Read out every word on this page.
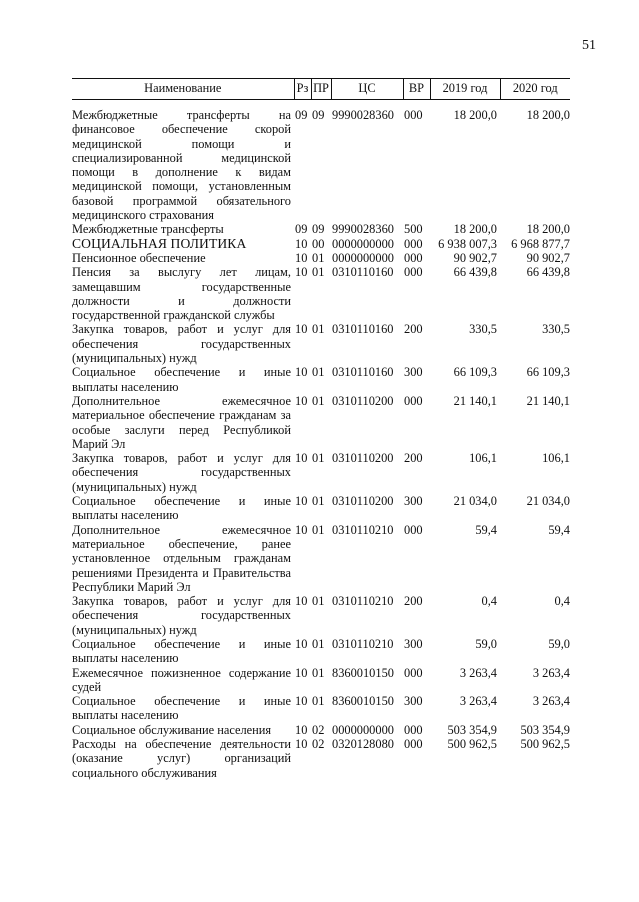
51
Наименование	Рз	ПР	ЦС	ВР	2019 год	2020 год
Межбюджетные трансферты на финансовое обеспечение скорой медицинской помощи и специализированной медицинской помощи в дополнение к видам медицинской помощи, установленным базовой программой обязательного медицинского страхования	09	09	9990028360	000	18 200,0	18 200,0
Межбюджетные трансферты	09	09	9990028360	500	18 200,0	18 200,0
СОЦИАЛЬНАЯ ПОЛИТИКА	10	00	0000000000	000	6 938 007,3	6 968 877,7
Пенсионное обеспечение	10	01	0000000000	000	90 902,7	90 902,7
Пенсия за выслугу лет лицам, замещавшим государственные должности и должности государственной гражданской службы	10	01	0310110160	000	66 439,8	66 439,8
Закупка товаров, работ и услуг для обеспечения государственных (муниципальных) нужд	10	01	0310110160	200	330,5	330,5
Социальное обеспечение и иные выплаты населению	10	01	0310110160	300	66 109,3	66 109,3
Дополнительное ежемесячное материальное обеспечение гражданам за особые заслуги перед Республикой Марий Эл	10	01	0310110200	000	21 140,1	21 140,1
Закупка товаров, работ и услуг для обеспечения государственных (муниципальных) нужд	10	01	0310110200	200	106,1	106,1
Социальное обеспечение и иные выплаты населению	10	01	0310110200	300	21 034,0	21 034,0
Дополнительное ежемесячное материальное обеспечение, ранее установленное отдельным гражданам решениями Президента и Правительства Республики Марий Эл	10	01	0310110210	000	59,4	59,4
Закупка товаров, работ и услуг для обеспечения государственных (муниципальных) нужд	10	01	0310110210	200	0,4	0,4
Социальное обеспечение и иные выплаты населению	10	01	0310110210	300	59,0	59,0
Ежемесячное пожизненное содержание судей	10	01	8360010150	000	3 263,4	3 263,4
Социальное обеспечение и иные выплаты населению	10	01	8360010150	300	3 263,4	3 263,4
Социальное обслуживание населения	10	02	0000000000	000	503 354,9	503 354,9
Расходы на обеспечение деятельности (оказание услуг) организаций социального обслуживания	10	02	0320128080	000	500 962,5	500 962,5
